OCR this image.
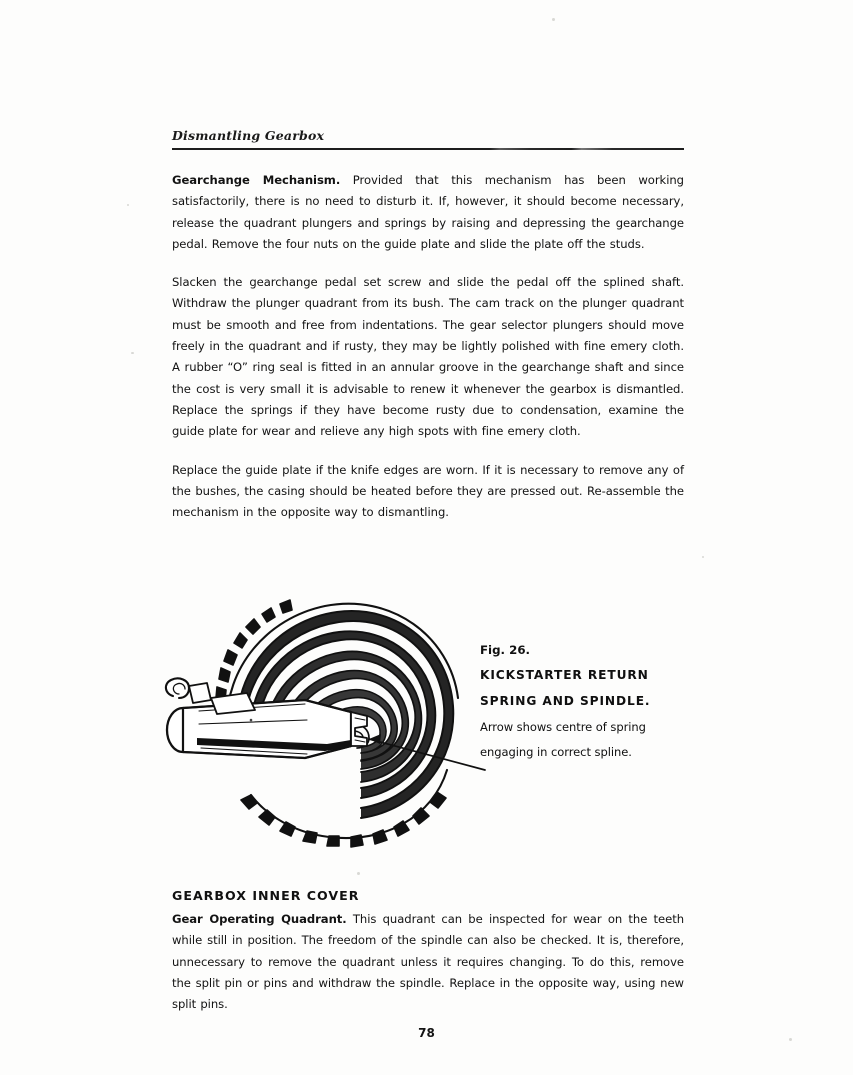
Dismantling Gearbox

Gearchange Mechanism. Provided that this mechanism has been working satisfactorily, there is no need to disturb it. If, however, it should become necessary, release the quadrant plungers and springs by raising and depressing the gearchange pedal. Remove the four nuts on the guide plate and slide the plate off the studs.

Slacken the gearchange pedal set screw and slide the pedal off the splined shaft. Withdraw the plunger quadrant from its bush. The cam track on the plunger quadrant must be smooth and free from indentations. The gear selector plungers should move freely in the quadrant and if rusty, they may be lightly polished with fine emery cloth. A rubber “O” ring seal is fitted in an annular groove in the gearchange shaft and since the cost is very small it is advisable to renew it whenever the gearbox is dismantled. Replace the springs if they have become rusty due to condensation, examine the guide plate for wear and relieve any high spots with fine emery cloth.

Replace the guide plate if the knife edges are worn. If it is necessary to remove any of the bushes, the casing should be heated before they are pressed out. Re-assemble the mechanism in the opposite way to dismantling.

Fig. 26.

KICKSTARTER RETURN

SPRING AND SPINDLE.

Arrow shows centre of spring

engaging in correct spline.

GEARBOX INNER COVER

Gear Operating Quadrant. This quadrant can be inspected for wear on the teeth while still in position. The freedom of the spindle can also be checked. It is, therefore, unnecessary to remove the quadrant unless it requires changing. To do this, remove the split pin or pins and withdraw the spindle. Replace in the opposite way, using new split pins.

78
